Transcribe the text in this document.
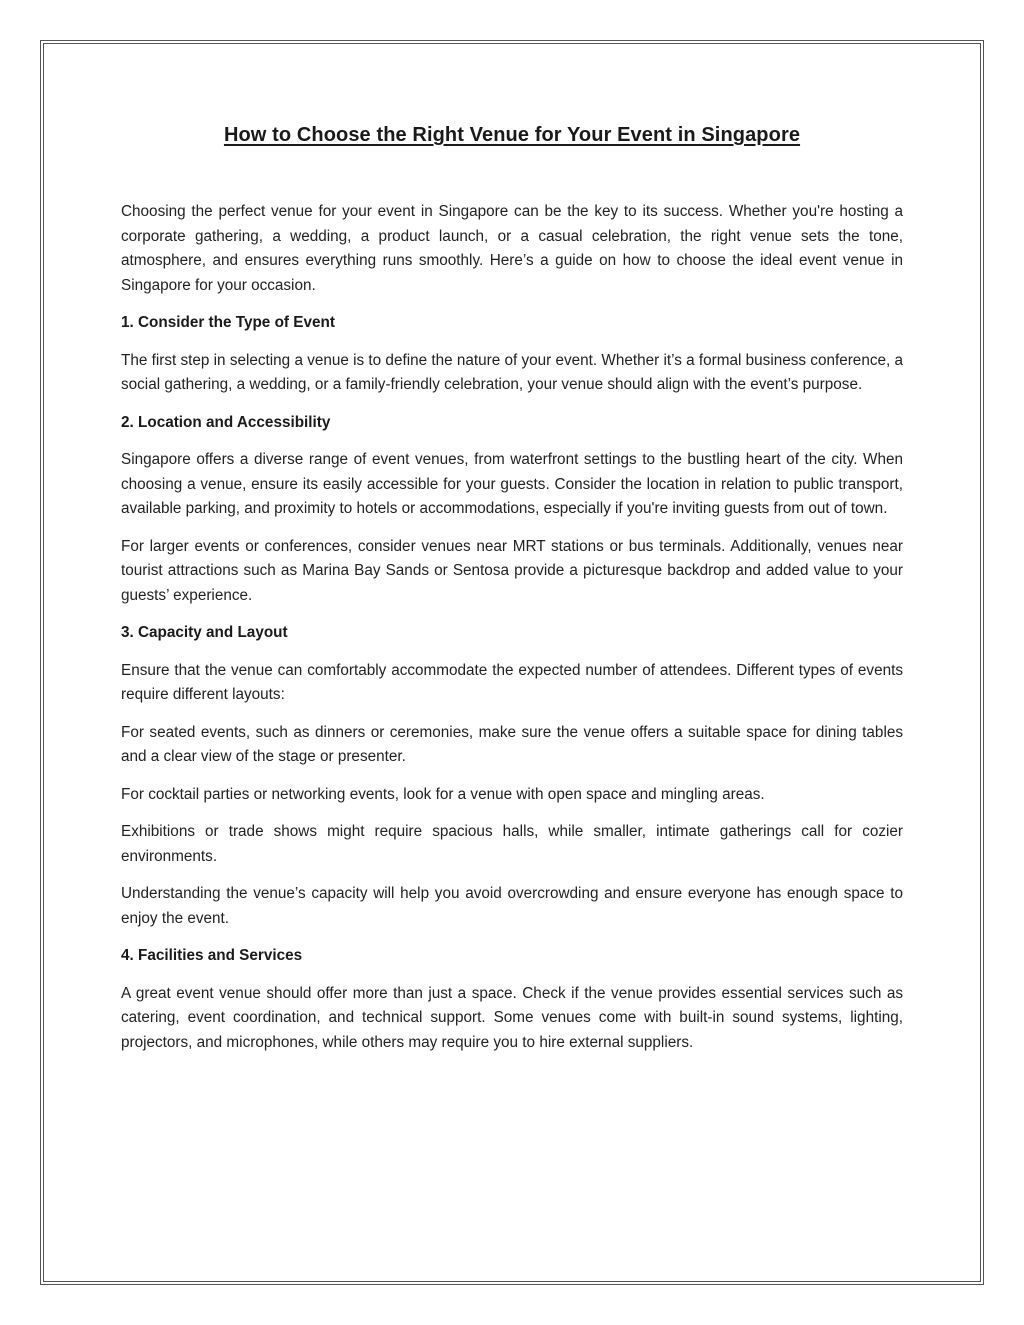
How to Choose the Right Venue for Your Event in Singapore

Choosing the perfect venue for your event in Singapore can be the key to its success. Whether you're hosting a corporate gathering, a wedding, a product launch, or a casual celebration, the right venue sets the tone, atmosphere, and ensures everything runs smoothly. Here’s a guide on how to choose the ideal event venue in Singapore for your occasion.

1. Consider the Type of Event

The first step in selecting a venue is to define the nature of your event. Whether it’s a formal business conference, a social gathering, a wedding, or a family-friendly celebration, your venue should align with the event’s purpose.

2. Location and Accessibility

Singapore offers a diverse range of event venues, from waterfront settings to the bustling heart of the city. When choosing a venue, ensure its easily accessible for your guests. Consider the location in relation to public transport, available parking, and proximity to hotels or accommodations, especially if you're inviting guests from out of town.

For larger events or conferences, consider venues near MRT stations or bus terminals. Additionally, venues near tourist attractions such as Marina Bay Sands or Sentosa provide a picturesque backdrop and added value to your guests’ experience.

3. Capacity and Layout

Ensure that the venue can comfortably accommodate the expected number of attendees. Different types of events require different layouts:

For seated events, such as dinners or ceremonies, make sure the venue offers a suitable space for dining tables and a clear view of the stage or presenter.

For cocktail parties or networking events, look for a venue with open space and mingling areas.

Exhibitions or trade shows might require spacious halls, while smaller, intimate gatherings call for cozier environments.

Understanding the venue’s capacity will help you avoid overcrowding and ensure everyone has enough space to enjoy the event.

4. Facilities and Services

A great event venue should offer more than just a space. Check if the venue provides essential services such as catering, event coordination, and technical support. Some venues come with built-in sound systems, lighting, projectors, and microphones, while others may require you to hire external suppliers.
